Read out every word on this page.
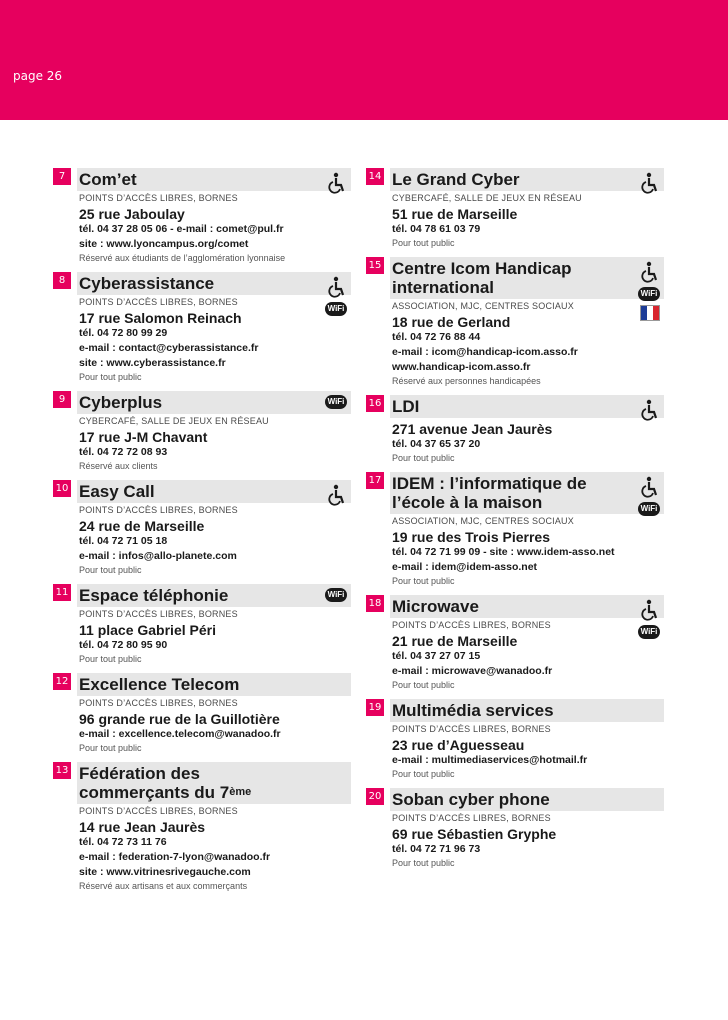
page 26
7 Com’et
POINTS D’ACCÈS LIBRES, BORNES
25 rue Jaboulay
tél. 04 37 28 05 06 - e-mail : comet@pul.fr
site : www.lyoncampus.org/comet
Réservé aux étudiants de l’agglomération lyonnaise
8 Cyberassistance
WiFi
POINTS D’ACCÈS LIBRES, BORNES
17 rue Salomon Reinach
tél. 04 72 80 99 29
e-mail : contact@cyberassistance.fr
site : www.cyberassistance.fr
Pour tout public
9 Cyberplus	WiFi
CYBERCAFÉ, SALLE DE JEUX EN RÉSEAU
17 rue J-M Chavant
tél. 04 72 72 08 93
Réservé aux clients
10 Easy Call
POINTS D’ACCÈS LIBRES, BORNES
24 rue de Marseille
tél. 04 72 71 05 18
e-mail : infos@allo-planete.com
Pour tout public
11 Espace téléphonie	WiFi
POINTS D’ACCÈS LIBRES, BORNES
11 place Gabriel Péri
tél. 04 72 80 95 90
Pour tout public
12 Excellence Telecom
POINTS D’ACCÈS LIBRES, BORNES
96 grande rue de la Guillotière
e-mail : excellence.telecom@wanadoo.fr
Pour tout public
13 Fédération des commerçants du 7ème
POINTS D’ACCÈS LIBRES, BORNES
14 rue Jean Jaurès
tél. 04 72 73 11 76
e-mail : federation-7-lyon@wanadoo.fr
site : www.vitrinesrivegauche.com
Réservé aux artisans et aux commerçants
14 Le Grand Cyber
CYBERCAFÉ, SALLE DE JEUX EN RÉSEAU
51 rue de Marseille
tél. 04 78 61 03 79
Pour tout public
15 Centre Icom Handicap international	WiFi
ASSOCIATION, MJC, CENTRES SOCIAUX
18 rue de Gerland
tél. 04 72 76 88 44
e-mail : icom@handicap-icom.asso.fr
www.handicap-icom.asso.fr
Réservé aux personnes handicapées
16 LDI
271 avenue Jean Jaurès
tél. 04 37 65 37 20
Pour tout public
17 IDEM : l’informatique de l’école à la maison	WiFi
ASSOCIATION, MJC, CENTRES SOCIAUX
19 rue des Trois Pierres
tél. 04 72 71 99 09 - site : www.idem-asso.net
e-mail : idem@idem-asso.net
Pour tout public
18 Microwave
WiFi
POINTS D’ACCÈS LIBRES, BORNES
21 rue de Marseille
tél. 04 37 27 07 15
e-mail : microwave@wanadoo.fr
Pour tout public
19 Multimédia services
POINTS D’ACCÈS LIBRES, BORNES
23 rue d’Aguesseau
e-mail : multimediaservices@hotmail.fr
Pour tout public
20 Soban cyber phone
POINTS D’ACCÈS LIBRES, BORNES
69 rue Sébastien Gryphe
tél. 04 72 71 96 73
Pour tout public
